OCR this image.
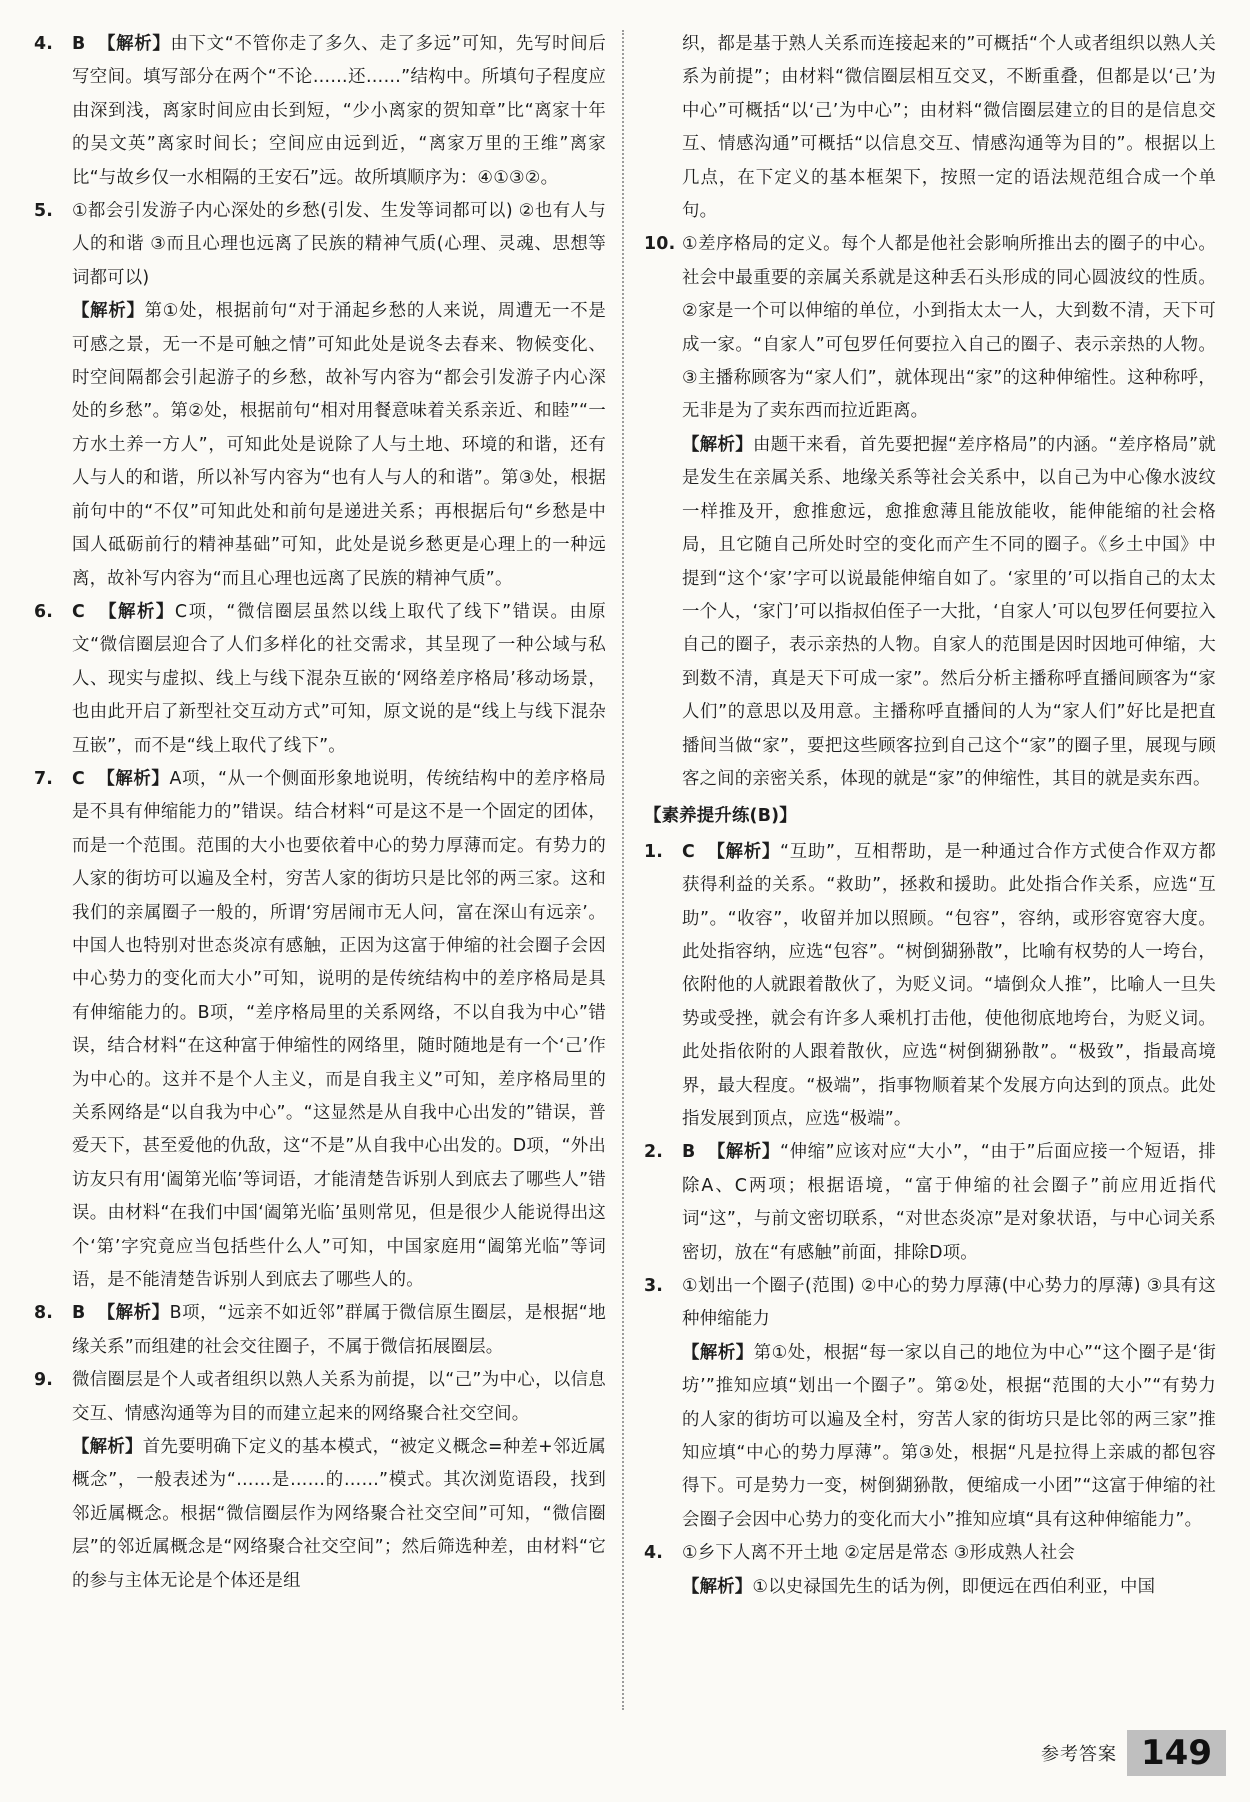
4. B 【解析】由下文“不管你走了多久、走了多远”可知，先写时间后写空间。填写部分在两个“不论……还……”结构中。所填句子程度应由深到浅，离家时间应由长到短，“少小离家的贺知章”比“离家十年的吴文英”离家时间长；空间应由远到近，“离家万里的王维”离家比“与故乡仅一水相隔的王安石”远。故所填顺序为：④①③②。

5. ①都会引发游子内心深处的乡愁(引发、生发等词都可以) ②也有人与人的和谐 ③而且心理也远离了民族的精神气质(心理、灵魂、思想等词都可以)

【解析】第①处，根据前句“对于涌起乡愁的人来说，周遭无一不是可感之景，无一不是可触之情”可知此处是说冬去春来、物候变化、时空间隔都会引起游子的乡愁，故补写内容为“都会引发游子内心深处的乡愁”。第②处，根据前句“相对用餐意味着关系亲近、和睦”“一方水土养一方人”，可知此处是说除了人与土地、环境的和谐，还有人与人的和谐，所以补写内容为“也有人与人的和谐”。第③处，根据前句中的“不仅”可知此处和前句是递进关系；再根据后句“乡愁是中国人砥砺前行的精神基础”可知，此处是说乡愁更是心理上的一种远离，故补写内容为“而且心理也远离了民族的精神气质”。

6. C 【解析】C项，“微信圈层虽然以线上取代了线下”错误。由原文“微信圈层迎合了人们多样化的社交需求，其呈现了一种公域与私人、现实与虚拟、线上与线下混杂互嵌的‘网络差序格局’移动场景，也由此开启了新型社交互动方式”可知，原文说的是“线上与线下混杂互嵌”，而不是“线上取代了线下”。

7. C 【解析】A项，“从一个侧面形象地说明，传统结构中的差序格局是不具有伸缩能力的”错误。结合材料“可是这不是一个固定的团体，而是一个范围。范围的大小也要依着中心的势力厚薄而定。有势力的人家的街坊可以遍及全村，穷苦人家的街坊只是比邻的两三家。这和我们的亲属圈子一般的，所谓‘穷居闹市无人问，富在深山有远亲’。中国人也特别对世态炎凉有感触，正因为这富于伸缩的社会圈子会因中心势力的变化而大小”可知，说明的是传统结构中的差序格局是具有伸缩能力的。B项，“差序格局里的关系网络，不以自我为中心”错误，结合材料“在这种富于伸缩性的网络里，随时随地是有一个‘己’作为中心的。这并不是个人主义，而是自我主义”可知，差序格局里的关系网络是“以自我为中心”。“这显然是从自我中心出发的”错误，普爱天下，甚至爱他的仇敌，这“不是”从自我中心出发的。D项，“外出访友只有用‘阖第光临’等词语，才能清楚告诉别人到底去了哪些人”错误。由材料“在我们中国‘阖第光临’虽则常见，但是很少人能说得出这个‘第’字究竟应当包括些什么人”可知，中国家庭用“阖第光临”等词语，是不能清楚告诉别人到底去了哪些人的。

8. B 【解析】B项，“远亲不如近邻”群属于微信原生圈层，是根据“地缘关系”而组建的社会交往圈子，不属于微信拓展圈层。

9. 微信圈层是个人或者组织以熟人关系为前提，以“己”为中心，以信息交互、情感沟通等为目的而建立起来的网络聚合社交空间。

【解析】首先要明确下定义的基本模式，“被定义概念=种差+邻近属概念”，一般表述为“……是……的……”模式。其次浏览语段，找到邻近属概念。根据“微信圈层作为网络聚合社交空间”可知，“微信圈层”的邻近属概念是“网络聚合社交空间”；然后筛选种差，由材料“它的参与主体无论是个体还是组

织，都是基于熟人关系而连接起来的”可概括“个人或者组织以熟人关系为前提”；由材料“微信圈层相互交叉，不断重叠，但都是以‘己’为中心”可概括“以‘己’为中心”；由材料“微信圈层建立的目的是信息交互、情感沟通”可概括“以信息交互、情感沟通等为目的”。根据以上几点，在下定义的基本框架下，按照一定的语法规范组合成一个单句。

10. ①差序格局的定义。每个人都是他社会影响所推出去的圈子的中心。社会中最重要的亲属关系就是这种丢石头形成的同心圆波纹的性质。②家是一个可以伸缩的单位，小到指太太一人，大到数不清，天下可成一家。“自家人”可包罗任何要拉入自己的圈子、表示亲热的人物。③主播称顾客为“家人们”，就体现出“家”的这种伸缩性。这种称呼，无非是为了卖东西而拉近距离。

【解析】由题干来看，首先要把握“差序格局”的内涵。“差序格局”就是发生在亲属关系、地缘关系等社会关系中，以自己为中心像水波纹一样推及开，愈推愈远，愈推愈薄且能放能收，能伸能缩的社会格局，且它随自己所处时空的变化而产生不同的圈子。《乡土中国》中提到“这个‘家’字可以说最能伸缩自如了。‘家里的’可以指自己的太太一个人，‘家门’可以指叔伯侄子一大批，‘自家人’可以包罗任何要拉入自己的圈子，表示亲热的人物。自家人的范围是因时因地可伸缩，大到数不清，真是天下可成一家”。然后分析主播称呼直播间顾客为“家人们”的意思以及用意。主播称呼直播间的人为“家人们”好比是把直播间当做“家”，要把这些顾客拉到自己这个“家”的圈子里，展现与顾客之间的亲密关系，体现的就是“家”的伸缩性，其目的就是卖东西。

【素养提升练(B)】
1. C 【解析】“互助”，互相帮助，是一种通过合作方式使合作双方都获得利益的关系。“救助”，拯救和援助。此处指合作关系，应选“互助”。“收容”，收留并加以照顾。“包容”，容纳，或形容宽容大度。此处指容纳，应选“包容”。“树倒猢狲散”，比喻有权势的人一垮台，依附他的人就跟着散伙了，为贬义词。“墙倒众人推”，比喻人一旦失势或受挫，就会有许多人乘机打击他，使他彻底地垮台，为贬义词。此处指依附的人跟着散伙，应选“树倒猢狲散”。“极致”，指最高境界，最大程度。“极端”，指事物顺着某个发展方向达到的顶点。此处指发展到顶点，应选“极端”。

2. B 【解析】“伸缩”应该对应“大小”，“由于”后面应接一个短语，排除A、C两项；根据语境，“富于伸缩的社会圈子”前应用近指代词“这”，与前文密切联系，“对世态炎凉”是对象状语，与中心词关系密切，放在“有感触”前面，排除D项。

3. ①划出一个圈子(范围) ②中心的势力厚薄(中心势力的厚薄) ③具有这种伸缩能力

【解析】第①处，根据“每一家以自己的地位为中心”“这个圈子是‘街坊’”推知应填“划出一个圈子”。第②处，根据“范围的大小”“有势力的人家的街坊可以遍及全村，穷苦人家的街坊只是比邻的两三家”推知应填“中心的势力厚薄”。第③处，根据“凡是拉得上亲戚的都包容得下。可是势力一变，树倒猢狲散，便缩成一小团”“这富于伸缩的社会圈子会因中心势力的变化而大小”推知应填“具有这种伸缩能力”。

4. ①乡下人离不开土地 ②定居是常态 ③形成熟人社会

【解析】①以史禄国先生的话为例，即便远在西伯利亚，中国

参考答案 149
